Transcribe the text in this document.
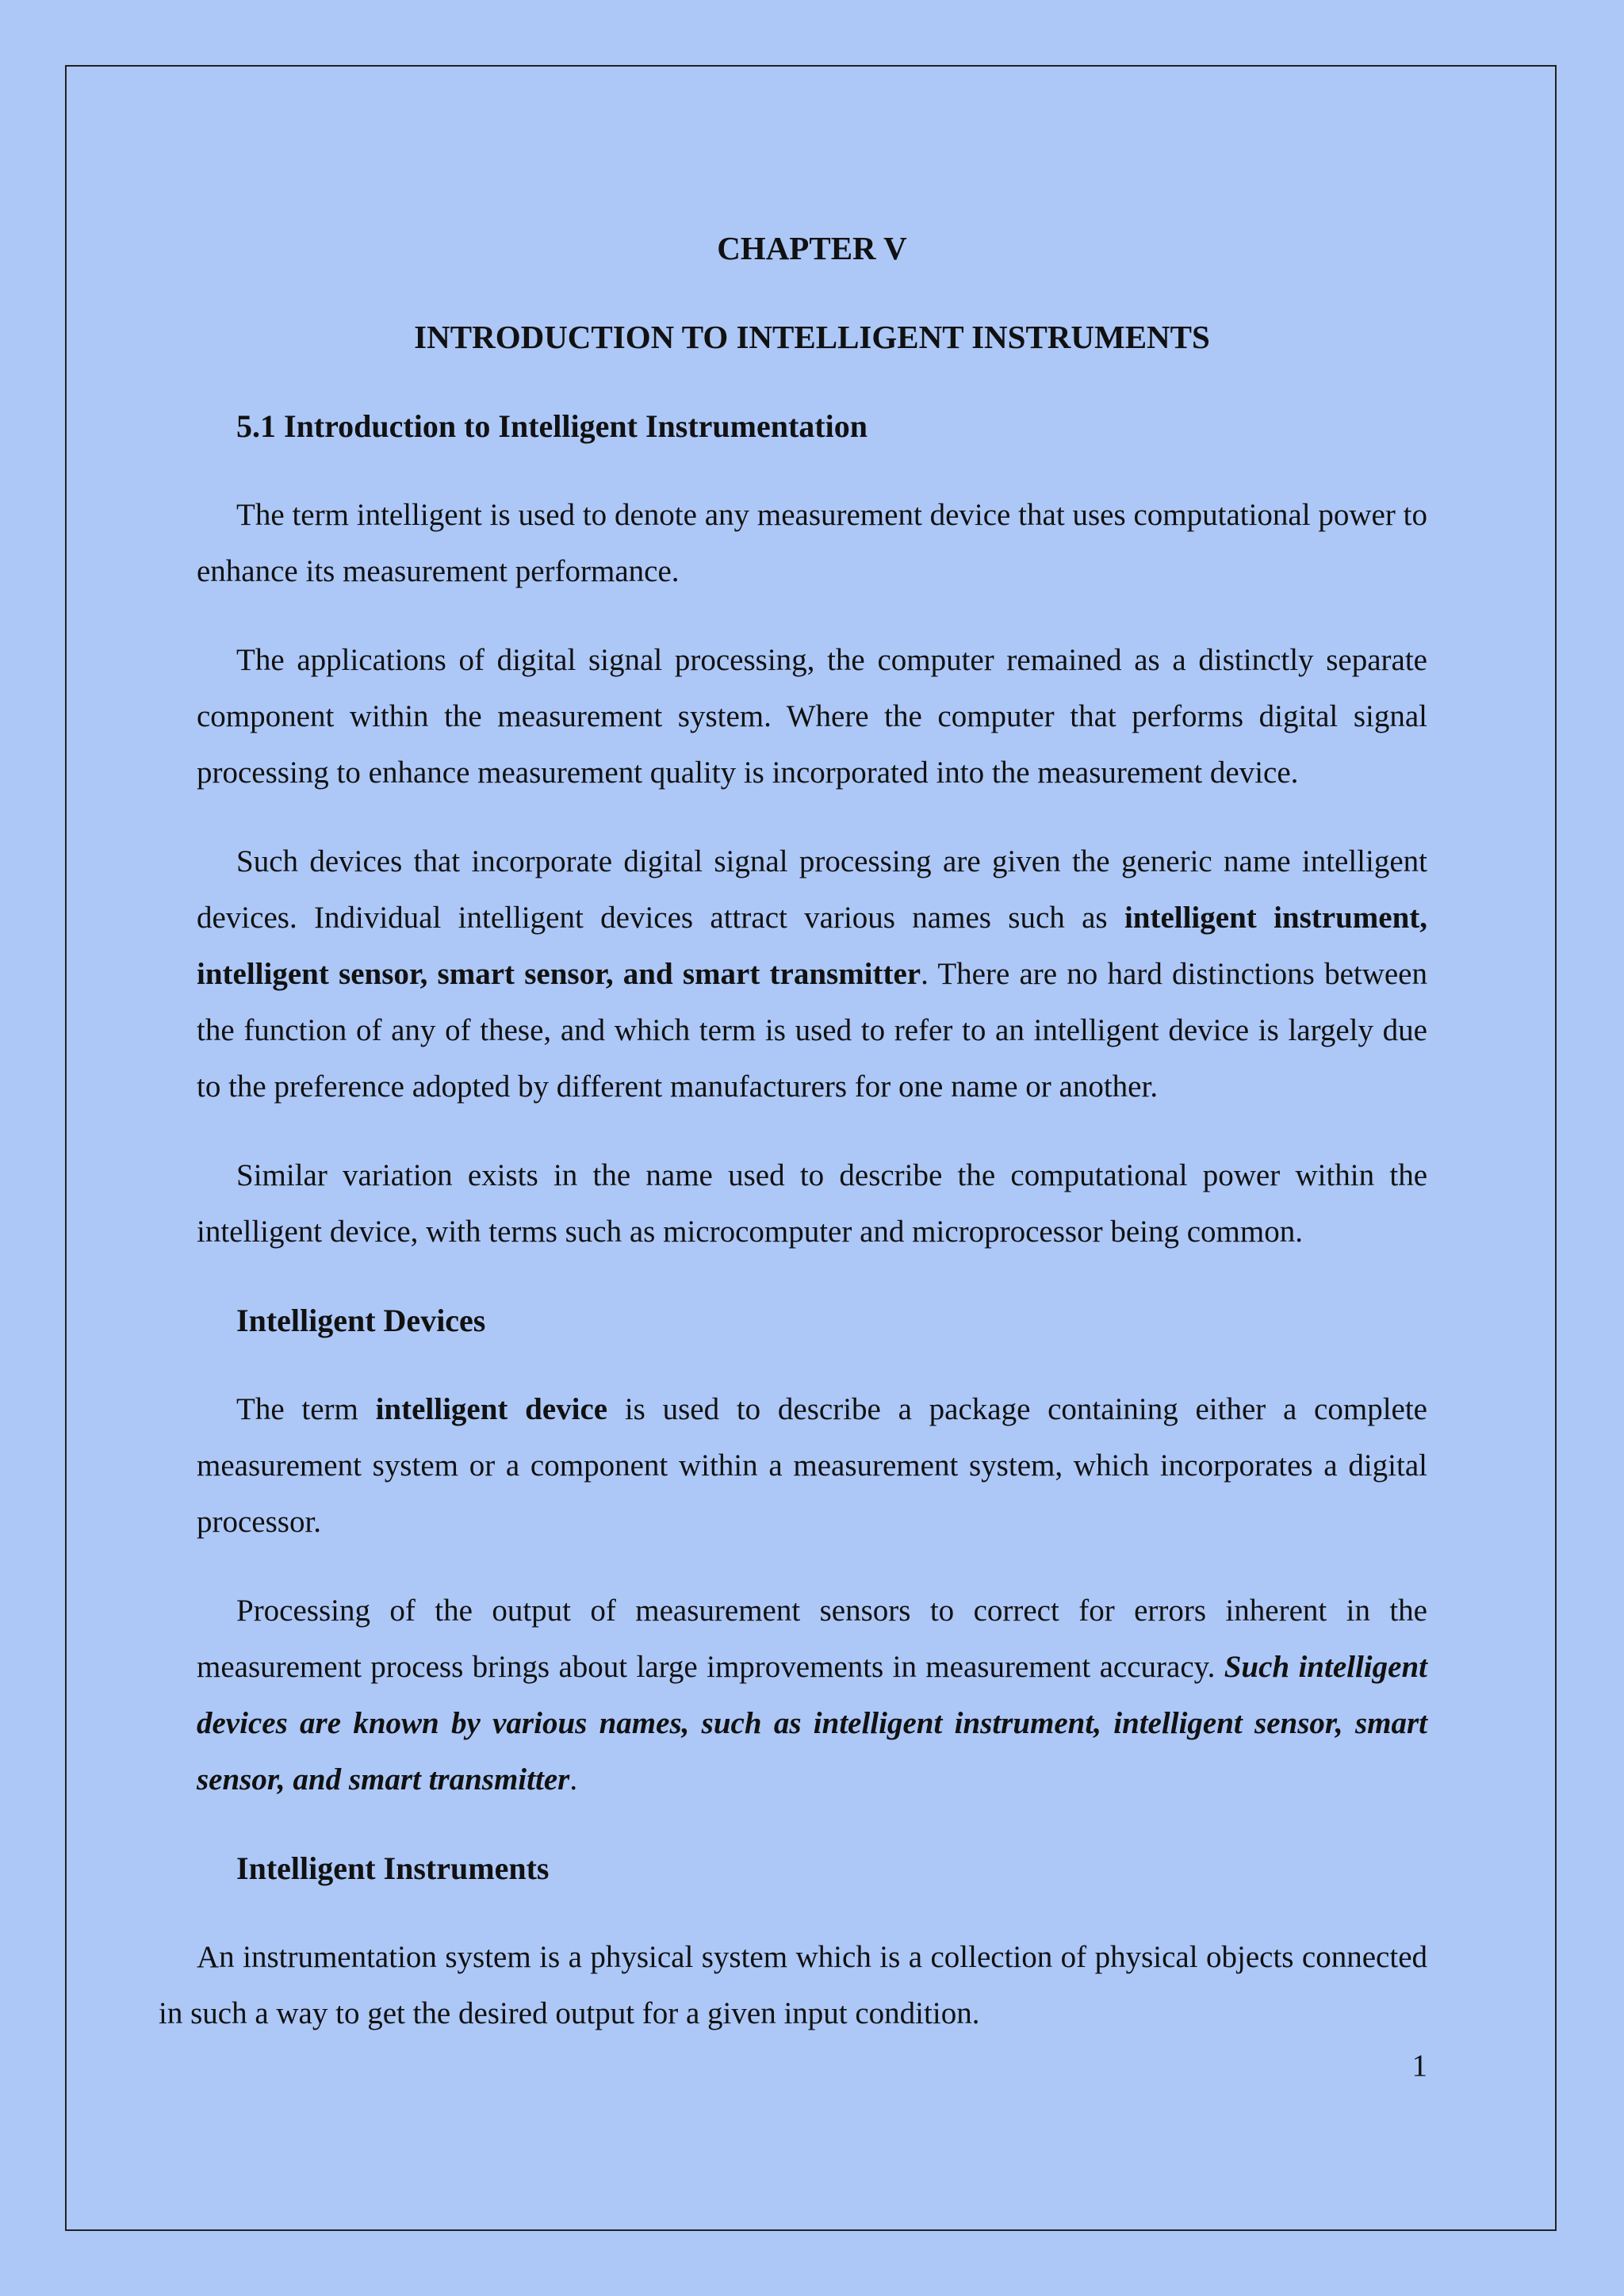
CHAPTER V
INTRODUCTION TO INTELLIGENT INSTRUMENTS
5.1 Introduction to Intelligent Instrumentation

The term intelligent is used to denote any measurement device that uses computational power to enhance its measurement performance.

The applications of digital signal processing, the computer remained as a distinctly separate component within the measurement system. Where the computer that performs digital signal processing to enhance measurement quality is incorporated into the measurement device.

Such devices that incorporate digital signal processing are given the generic name intelligent devices. Individual intelligent devices attract various names such as intelligent instrument, intelligent sensor, smart sensor, and smart transmitter. There are no hard distinctions between the function of any of these, and which term is used to refer to an intelligent device is largely due to the preference adopted by different manufacturers for one name or another.

Similar variation exists in the name used to describe the computational power within the intelligent device, with terms such as microcomputer and microprocessor being common.

Intelligent Devices

The term intelligent device is used to describe a package containing either a complete measurement system or a component within a measurement system, which incorporates a digital processor.

Processing of the output of measurement sensors to correct for errors inherent in the measurement process brings about large improvements in measurement accuracy. Such intelligent devices are known by various names, such as intelligent instrument, intelligent sensor, smart sensor, and smart transmitter.

Intelligent Instruments

An instrumentation system is a physical system which is a collection of physical objects connected in such a way to get the desired output for a given input condition.

1
